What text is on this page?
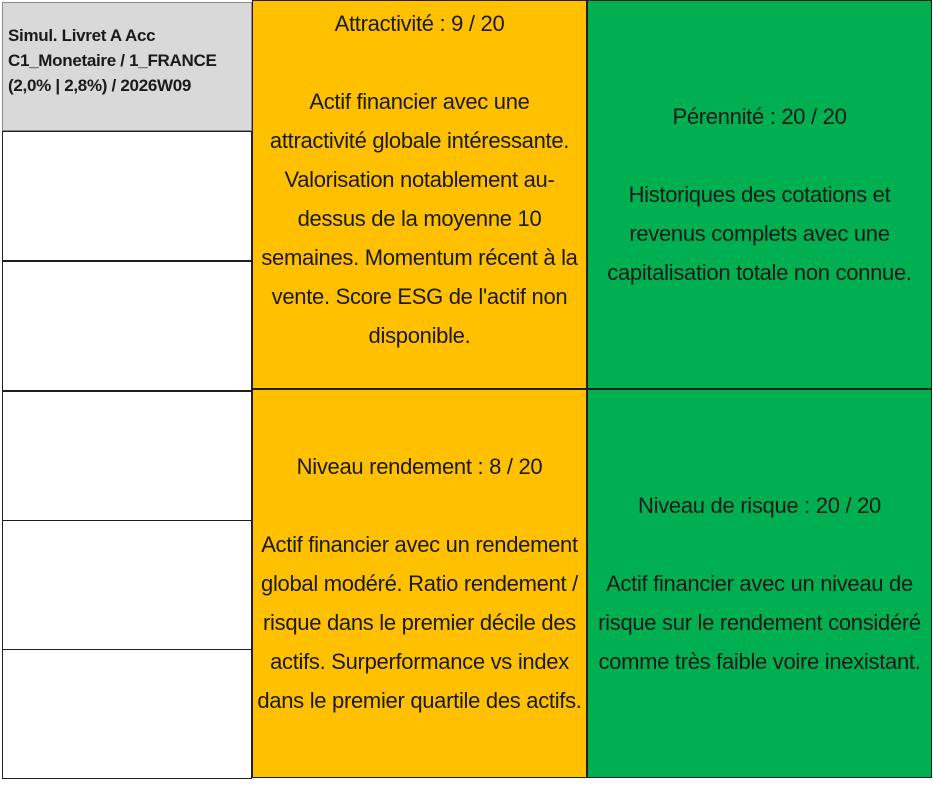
Simul. Livret A Acc
C1_Monetaire / 1_FRANCE
(2,0% | 2,8%) / 2026W09
Attractivité : 9 / 20
Actif financier avec une attractivité globale intéressante. Valorisation notablement au-dessus de la moyenne 10 semaines. Momentum récent à la vente. Score ESG de l'actif non disponible.
Pérennité : 20 / 20
Historiques des cotations et revenus complets avec une capitalisation totale non connue.
Niveau rendement : 8 / 20
Actif financier avec un rendement global modéré. Ratio rendement / risque dans le premier décile des actifs. Surperformance vs index dans le premier quartile des actifs.
Niveau de risque : 20 / 20
Actif financier avec un niveau de risque sur le rendement considéré comme très faible voire inexistant.
